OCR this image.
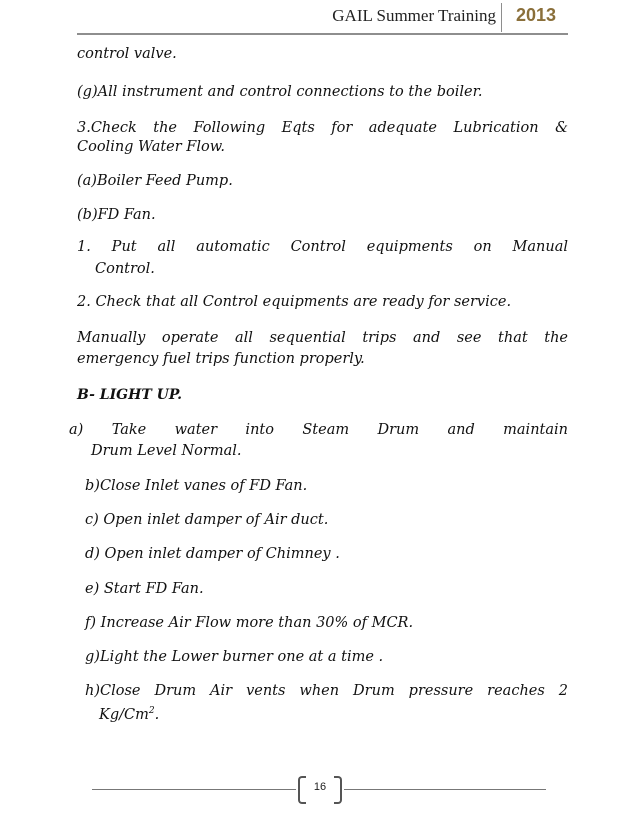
GAIL Summer Training 2013
control valve.
(g)All instrument and control connections to the boiler.
3.Check the Following Eqts for adequate Lubrication &
Cooling Water Flow.
(a)Boiler Feed Pump.
(b)FD Fan.
1. Put all automatic Control equipments on Manual
Control.
2. Check that all Control equipments are ready for service.
Manually operate all sequential trips and see that the
emergency fuel trips function properly.
B- LIGHT UP.
a) Take water into Steam Drum and maintain
Drum Level Normal.
b)Close Inlet vanes of FD Fan.
c) Open inlet damper of Air duct.
d) Open inlet damper of Chimney .
e) Start FD Fan.
f) Increase Air Flow more than 30% of MCR.
g)Light the Lower burner one at a time .
h)Close Drum Air vents when Drum pressure reaches 2
Kg/Cm$^2$.
16
